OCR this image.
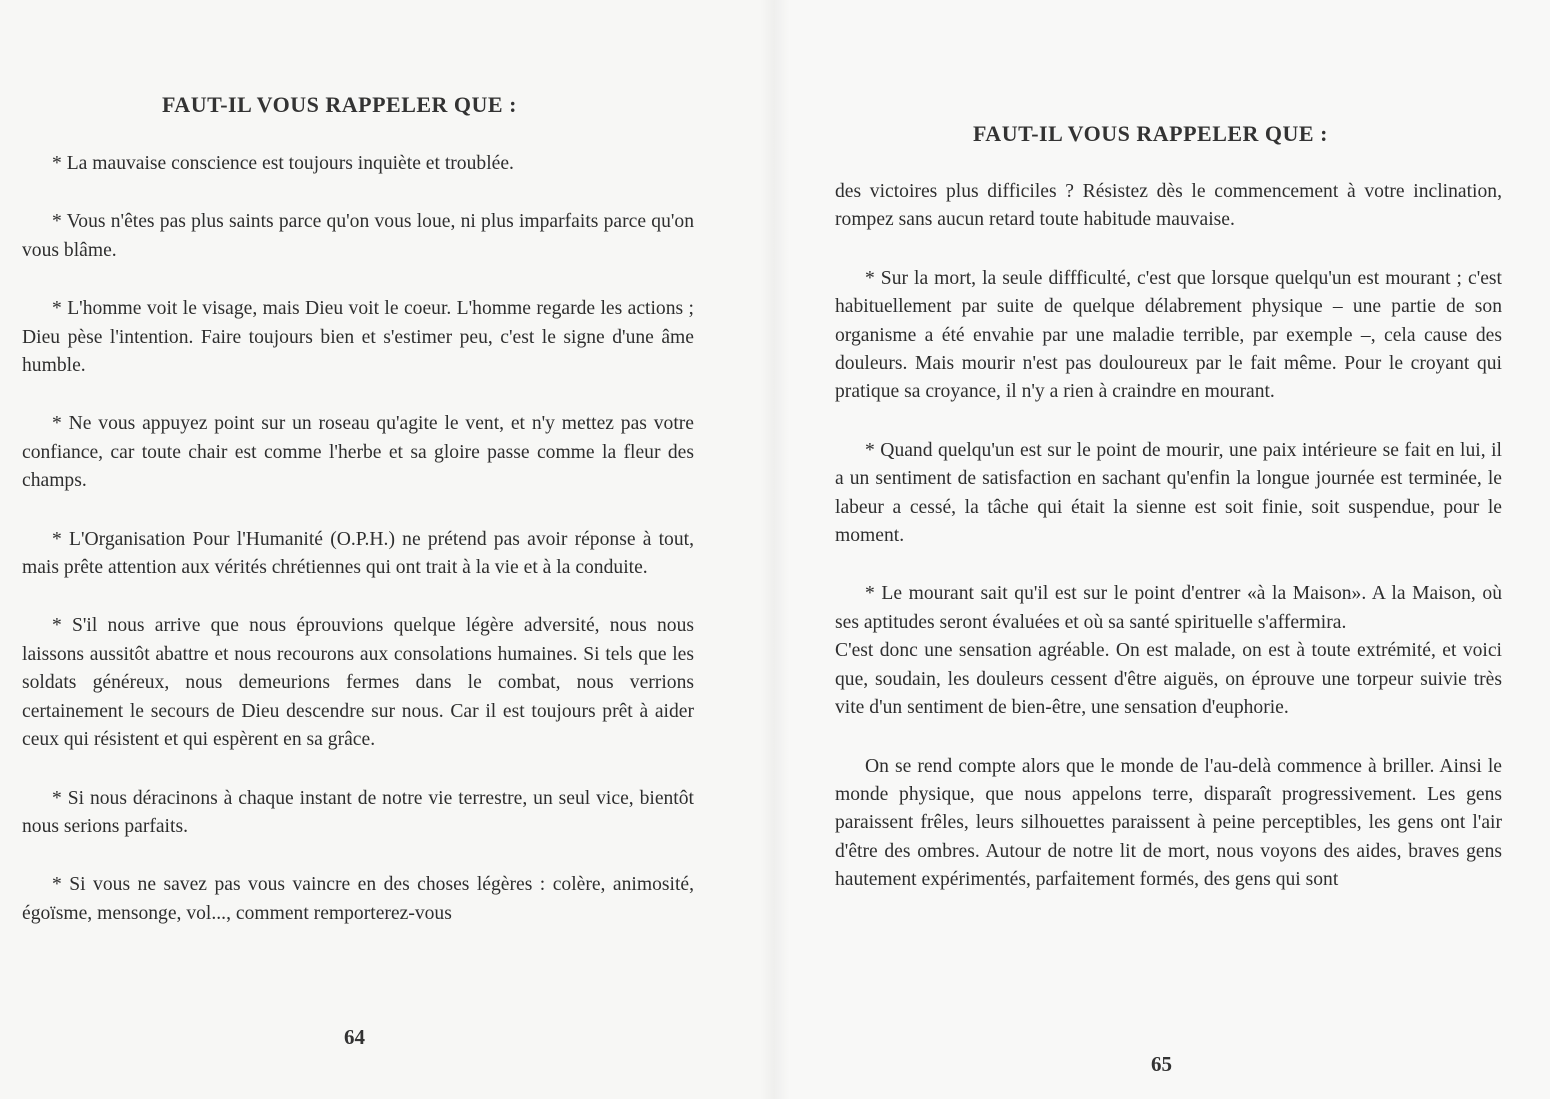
FAUT-IL VOUS RAPPELER QUE :

* La mauvaise conscience est toujours inquiète et troublée.

* Vous n'êtes pas plus saints parce qu'on vous loue, ni plus imparfaits parce qu'on vous blâme.

* L'homme voit le visage, mais Dieu voit le coeur. L'homme regarde les actions ; Dieu pèse l'intention. Faire toujours bien et s'estimer peu, c'est le signe d'une âme humble.

* Ne vous appuyez point sur un roseau qu'agite le vent, et n'y mettez pas votre confiance, car toute chair est comme l'herbe et sa gloire passe comme la fleur des champs.

* L'Organisation Pour l'Humanité (O.P.H.) ne prétend pas avoir réponse à tout, mais prête attention aux vérités chrétiennes qui ont trait à la vie et à la conduite.

* S'il nous arrive que nous éprouvions quelque légère adversité, nous nous laissons aussitôt abattre et nous recourons aux consolations humaines. Si tels que les soldats généreux, nous demeurions fermes dans le combat, nous verrions certainement le secours de Dieu descendre sur nous. Car il est toujours prêt à aider ceux qui résistent et qui espèrent en sa grâce.

* Si nous déracinons à chaque instant de notre vie terrestre, un seul vice, bientôt nous serions parfaits.

* Si vous ne savez pas vous vaincre en des choses légères : colère, animosité, égoïsme, mensonge, vol..., comment remporterez-vous

64
FAUT-IL VOUS RAPPELER QUE :

des victoires plus difficiles ? Résistez dès le commencement à votre inclination, rompez sans aucun retard toute habitude mauvaise.

* Sur la mort, la seule diffficulté, c'est que lorsque quelqu'un est mourant ; c'est habituellement par suite de quelque délabrement physique – une partie de son organisme a été envahie par une maladie terrible, par exemple –, cela cause des douleurs. Mais mourir n'est pas douloureux par le fait même. Pour le croyant qui pratique sa croyance, il n'y a rien à craindre en mourant.

* Quand quelqu'un est sur le point de mourir, une paix intérieure se fait en lui, il a un sentiment de satisfaction en sachant qu'enfin la longue journée est terminée, le labeur a cessé, la tâche qui était la sienne est soit finie, soit suspendue, pour le moment.

* Le mourant sait qu'il est sur le point d'entrer «à la Maison». A la Maison, où ses aptitudes seront évaluées et où sa santé spirituelle s'affermira.

C'est donc une sensation agréable. On est malade, on est à toute extrémité, et voici que, soudain, les douleurs cessent d'être aiguës, on éprouve une torpeur suivie très vite d'un sentiment de bien-être, une sensation d'euphorie.

On se rend compte alors que le monde de l'au-delà commence à briller. Ainsi le monde physique, que nous appelons terre, disparaît progressivement. Les gens paraissent frêles, leurs silhouettes paraissent à peine perceptibles, les gens ont l'air d'être des ombres. Autour de notre lit de mort, nous voyons des aides, braves gens hautement expérimentés, parfaitement formés, des gens qui sont

65
